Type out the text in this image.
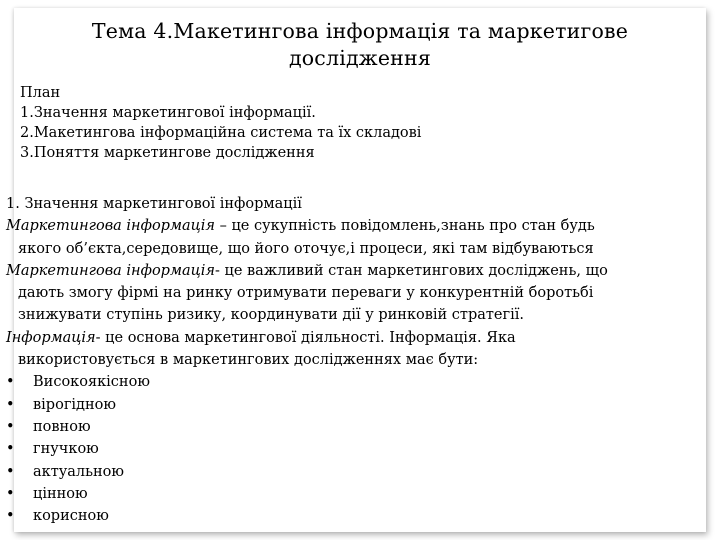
Тема 4.Макетингова інформація та маркетигове
дослідження
План
1.Значення маркетингової інформації.
2.Макетингова інформаційна система та їх складові
3.Поняття маркетингове дослідження
1. Значення маркетингової інформації
Маркетингова інформація – це сукупність повідомлень,знань про стан будь
якого об’єкта,середовище, що його оточує,і процеси, які там відбуваються
Маркетингова інформація- це важливий стан маркетингових досліджень, що
дають змогу фірмі на ринку отримувати переваги у конкурентній боротьбі
знижувати ступінь ризику, координувати дії у ринковій стратегії.
Інформація- це основа маркетингової діяльності. Інформація. Яка
використовується в маркетингових дослідженнях має бути:
•	Високоякісною
•	вірогідною
•	повною
•	гнучкою
•	актуальною
•	цінною
•	корисною
